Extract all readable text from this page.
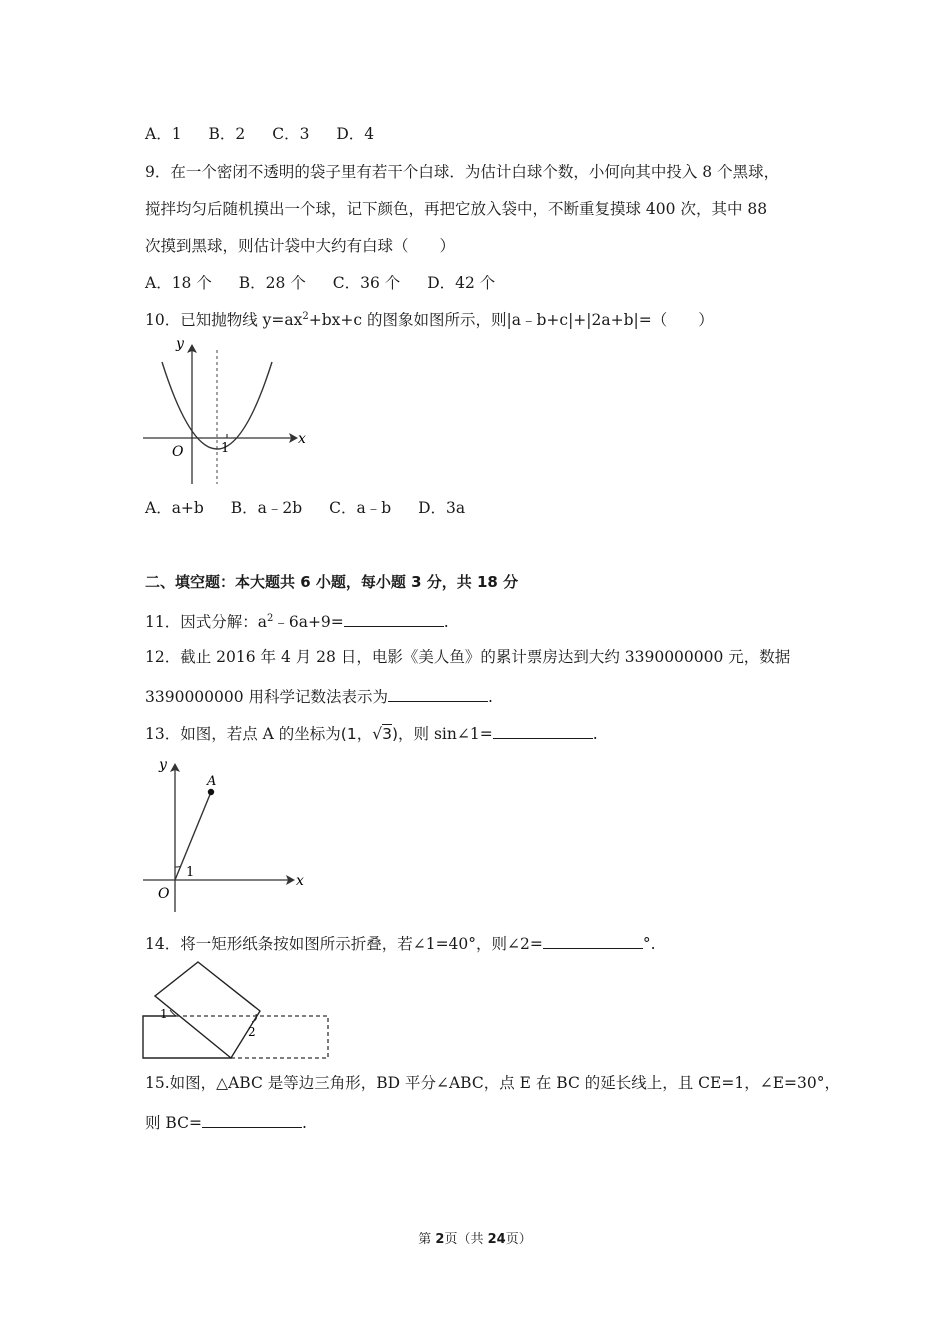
A．1 B．2 C．3 D．4
9．在一个密闭不透明的袋子里有若干个白球．为估计白球个数，小何向其中投入 8 个黑球，
搅拌均匀后随机摸出一个球，记下颜色，再把它放入袋中，不断重复摸球 400 次，其中 88
次摸到黑球，则估计袋中大约有白球（　　）
A．18 个 B．28 个 C．36 个 D．42 个
10．已知抛物线 $y=ax^2+bx+c$ 的图象如图所示，则|a﹣b+c|+|2a+b|=（　　）
y
x
O	1
A．a+b B．a﹣2b C．a﹣b D．3a
二、填空题：本大题共 6 小题，每小题 3 分，共 18 分
11．因式分解：$a^2﹣6a+9=$	.
12．截止 2016 年 4 月 28 日，电影《美人鱼》的累计票房达到大约 3390000000 元，数据
3390000000 用科学记数法表示为	.
13．如图，若点 A 的坐标为(1，√3)，则 sin∠1=	.
y
x
O
A
1
14．将一矩形纸条按如图所示折叠，若∠1=40°，则∠2=	°.
1
2
15.如图，△ABC 是等边三角形，BD 平分∠ABC，点 E 在 BC 的延长线上，且 CE=1，∠E=30°，
则 BC=	.
第 2页（共 24页）
